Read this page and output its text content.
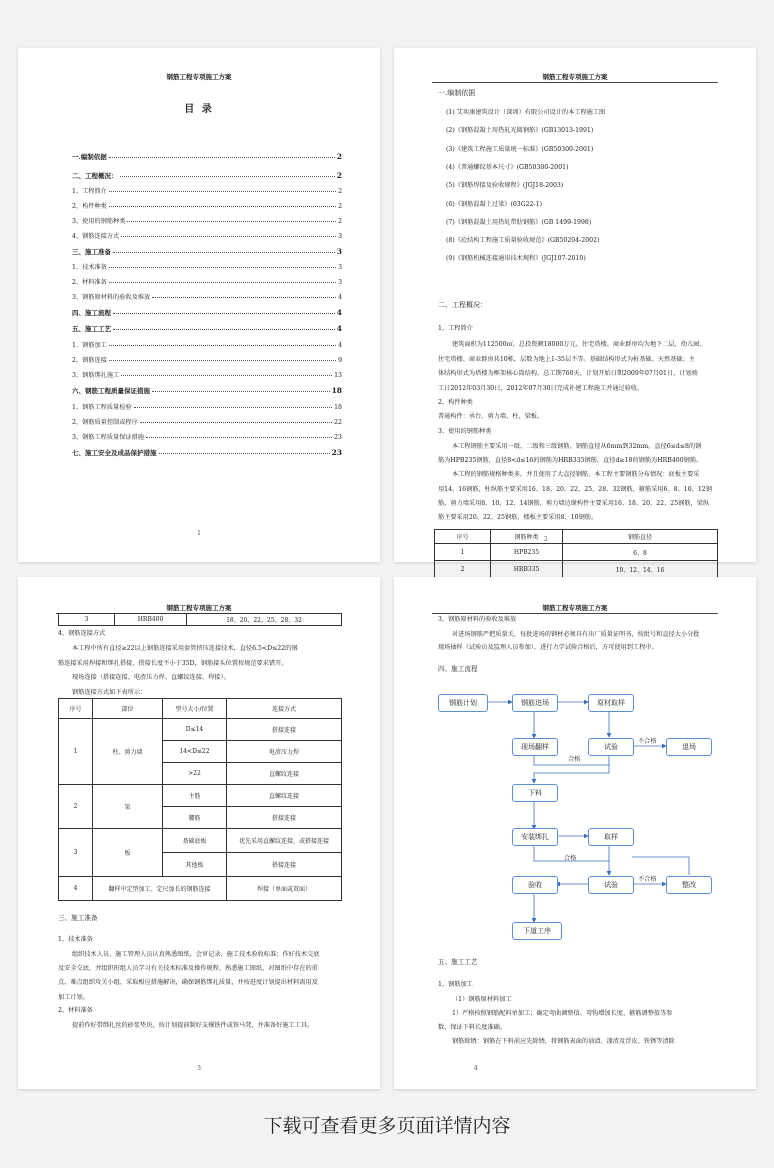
钢筋工程专项施工方案
目 录
一.编制依据	2
二、工程概况：	2
1、工程简介	2
2、构件种类	2
3、使用的钢筋种类	2
4、钢筋连接方式	3
三、施工准备	3
1、技术准备	3
2、材料准备	3
3、钢筋原材料的验收及堆放	4
四、施工流程	4
五、施工工艺	4
1、钢筋加工	4
2、钢筋连接	9
3、钢筋绑扎施工	13
六、钢筋工程质量保证措施	18
1、钢筋工程质量检验	18
2、钢筋质量控制或程序	22
3、钢筋工程质量保证措施	23
七、施工安全及成品保护措施	23
1
钢筋工程专项施工方案
一.编制依据
(1) 艾奕康建筑设计（深圳）有限公司设计的本工程施工图
(2)《钢筋混凝土用热轧光圆钢筋》(GB13013-1991)
(3)《建筑工程施工质量统一标准》(GB50300-2001)
(4)《普通螺纹基本尺寸》(GB50300-2001)
(5)《钢筋焊接及验收规程》(JGJ18-2003)
(6)《钢筋混凝土过梁》(03G22-1)
(7)《钢筋混凝土用热轧带肋钢筋》(GB 1499-1998)
(8)《砼结构工程施工质量验收规范》(GB50204-2002)
(9)《钢筋机械连接通用技术规程》(JGJ107-2010)
二、工程概况：
1、工程简介
建筑面积为112500㎡，总投资额18000万元。住宅塔楼、商业群房均为地下二层，幼儿园、
住宅塔楼、商业群房共10栋，层数为地上1-35层不等。基础结构形式为桩基础、天然基础；主
体结构形式为塔楼为框架核心筒结构。总工期760天，计划开始日期2009年07月01日，计划竣
工日2012年03月30日，2012年07月30日完成补建工程施工并通过验收。
2、构件种类
普通构件：承台、剪力墙、柱、梁板。
3、使用的钢筋种类
本工程钢筋主要采用一级、二级和三级钢筋，钢筋直径从6mm到32mm。直径6≤d≤8的钢
筋为HPB235钢筋，直径8<d≤16的钢筋为HRB335钢筋，直径d≥18的钢筋为HRB400钢筋。
本工程的钢筋规格种类多，并且使用了大直径钢筋，本工程主要钢筋分布情况：底板主要采
用14、16钢筋，柱纵筋主要采用16、18、20、22、25、28、32钢筋，箍筋采用6、8、10、12钢
筋，剪力墙采用8、10、12、14钢筋，剪力墙边缘构件主要采用16、18、20、22、25钢筋，梁纵
筋主要采用20、22、25钢筋，楼板主要采用8、10钢筋。
序号	钢筋种类	钢筋直径
1	HPB235	6、8
2	HRB335	10、12、14、16
2
钢筋工程专项施工方案
3	HRB400	18、20、22、25、28、32
4、钢筋连接方式
本工程中所有直径≥22以上钢筋连接采用套管挤压连接技术，直径6.5<D≤22的钢
筋连接采用焊接和绑扎搭接，搭接长度不小于35D，钢筋接头位置按规范要求错开。
现场连接（搭接连接、电渣压力焊、直螺纹连接、焊接）。
钢筋连接方式如下表所示：
序号	部位	型号大小/位置	连接方式
1	柱、剪力墙	D≤14	搭接连接
		14<D≤22	电渣压力焊
		>22	直螺纹连接
2	梁	主筋	直螺纹连接
		腰筋	搭接连接
3	板	基础底板	优先采用直螺纹连接，或搭接连接
		其他板	搭接连接
4	翻样中定型加工、定尺加长的钢筋连接		焊接（单面或双面）
三、施工准备
1、技术准备
组织技术人员、施工管理人员认真熟悉图纸、会审记录、施工技术验收标准；作好技术交底
及安全交底，并组织班组人员学习有关技术标准及操作规程，熟悉施工图纸，对图纸中存在的重
点、难点组织攻关小组，采取相应措施解决，确保钢筋绑扎质量，并按进度计划提出材料需用及
加工计划。
2、材料准备
提前作好带绑扎丝的砂浆垫块，按计划提前制好支撑铁件或铁马凳，并准备好施工工具。
3
3、钢筋原材料的验收及堆放
钢筋工程专项施工方案
对进场钢筋严把质量关，每批进场的钢材必须具有出厂质量证明书，按批号和直径大小分批
现场抽样（试验员及监理人员参加），进行力学试验合格后，方可使用到工程中。
四、施工流程
钢筋计划	钢筋进场	原材取样
现场翻样	试验	退场
下料
安装绑扎	取样
验收	试验	整改
下道工序
不合格
合格
合格
不合格
五、施工工艺
1、钢筋加工
（1）钢筋原材料加工
1）严格按照钢筋配料单加工；确定弯曲调整值、弯钩增加长度、箍筋调整值等参
数，保证下料长度准确。
钢筋除锈：钢筋在下料前应先除锈，将钢筋表面的油渍、漆渣及浮皮、铁锈等清除
4
下载可查看更多页面详情内容
